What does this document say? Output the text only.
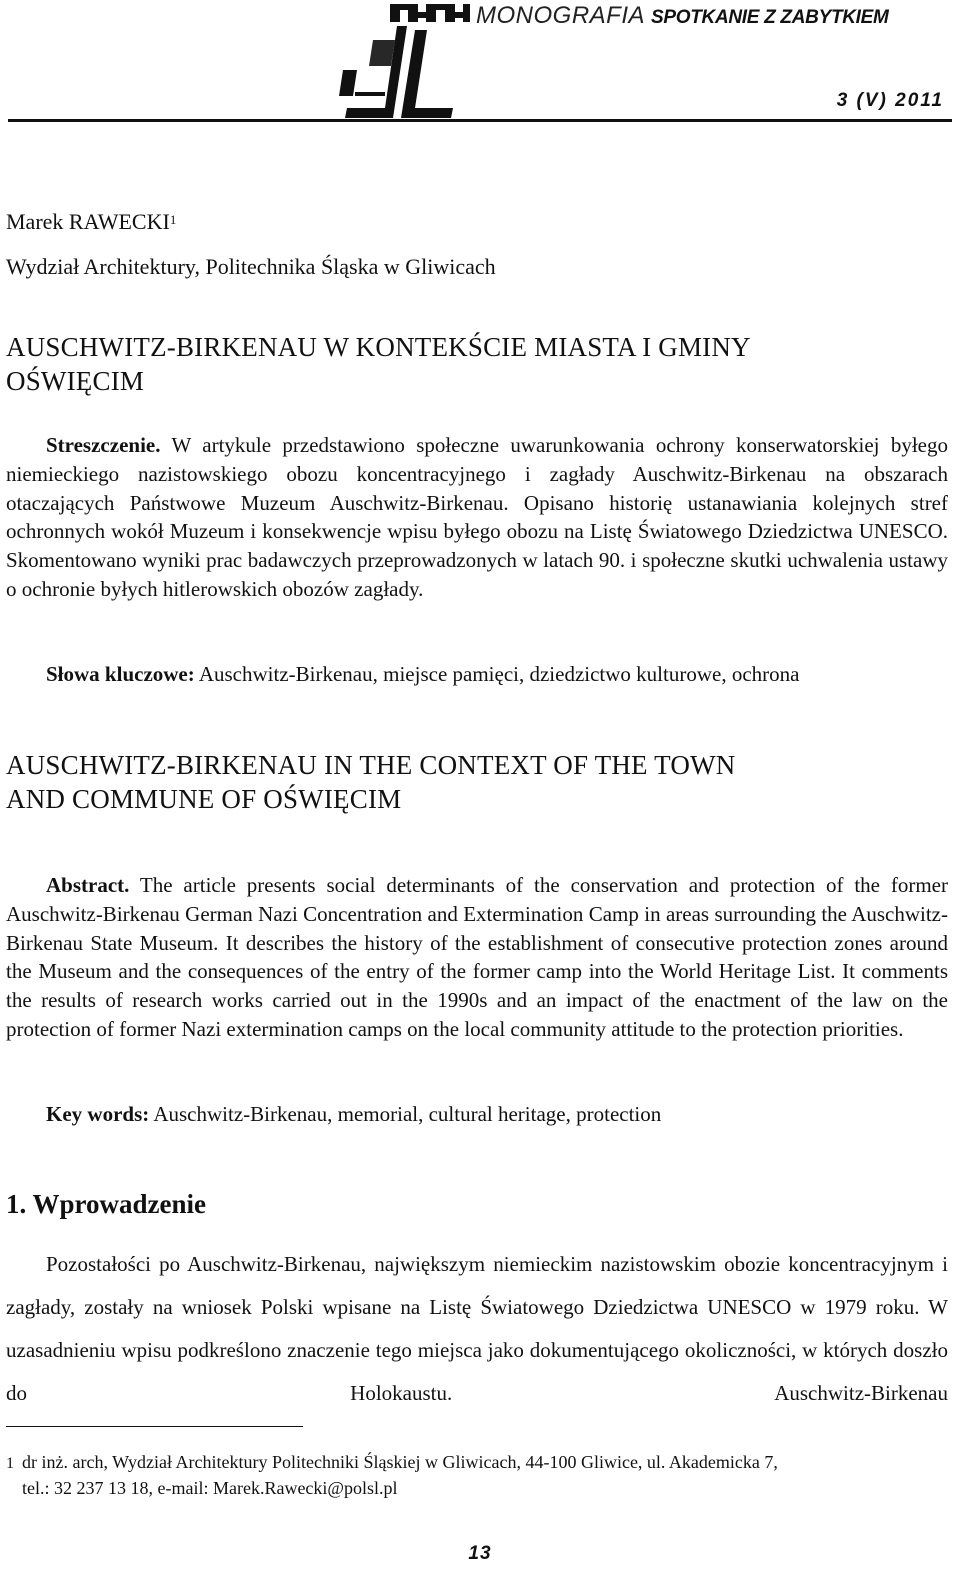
MONOGRAFIA SPOTKANIE Z ZABYTKIEM
3 (V) 2011
Marek RAWECKI$^1$
Wydział Architektury, Politechnika Śląska w Gliwicach
AUSCHWITZ-BIRKENAU W KONTEKŚCIE MIASTA I GMINY
OŚWIĘCIM
Streszczenie. W artykule przedstawiono społeczne uwarunkowania ochrony konserwatorskiej byłego niemieckiego nazistowskiego obozu koncentracyjnego i zagłady Auschwitz-Birkenau na obszarach otaczających Państwowe Muzeum Auschwitz-Birkenau. Opisano historię ustanawiania kolejnych stref ochronnych wokół Muzeum i konsekwencje wpisu byłego obozu na Listę Światowego Dziedzictwa UNESCO. Skomentowano wyniki prac badawczych przeprowadzonych w latach 90. i społeczne skutki uchwalenia ustawy o ochronie byłych hitlerowskich obozów zagłady.
Słowa kluczowe: Auschwitz-Birkenau, miejsce pamięci, dziedzictwo kulturowe, ochrona
AUSCHWITZ-BIRKENAU IN THE CONTEXT OF THE TOWN
AND COMMUNE OF OŚWIĘCIM
Abstract. The article presents social determinants of the conservation and protection of the former Auschwitz-Birkenau German Nazi Concentration and Extermination Camp in areas surrounding the Auschwitz-Birkenau State Museum. It describes the history of the establishment of consecutive protection zones around the Museum and the consequences of the entry of the former camp into the World Heritage List. It comments the results of research works carried out in the 1990s and an impact of the enactment of the law on the protection of former Nazi extermination camps on the local community attitude to the protection priorities.
Key words: Auschwitz-Birkenau, memorial, cultural heritage, protection
1. Wprowadzenie
Pozostałości po Auschwitz-Birkenau, największym niemieckim nazistowskim obozie koncentracyjnym i zagłady, zostały na wniosek Polski wpisane na Listę Światowego Dziedzictwa UNESCO w 1979 roku. W uzasadnieniu wpisu podkreślono znaczenie tego miejsca jako dokumentującego okoliczności, w których doszło do Holokaustu. Auschwitz-Birkenau
1 dr inż. arch, Wydział Architektury Politechniki Śląskiej w Gliwicach, 44-100 Gliwice, ul. Akademicka 7,
tel.: 32 237 13 18, e-mail: Marek.Rawecki@polsl.pl
13
